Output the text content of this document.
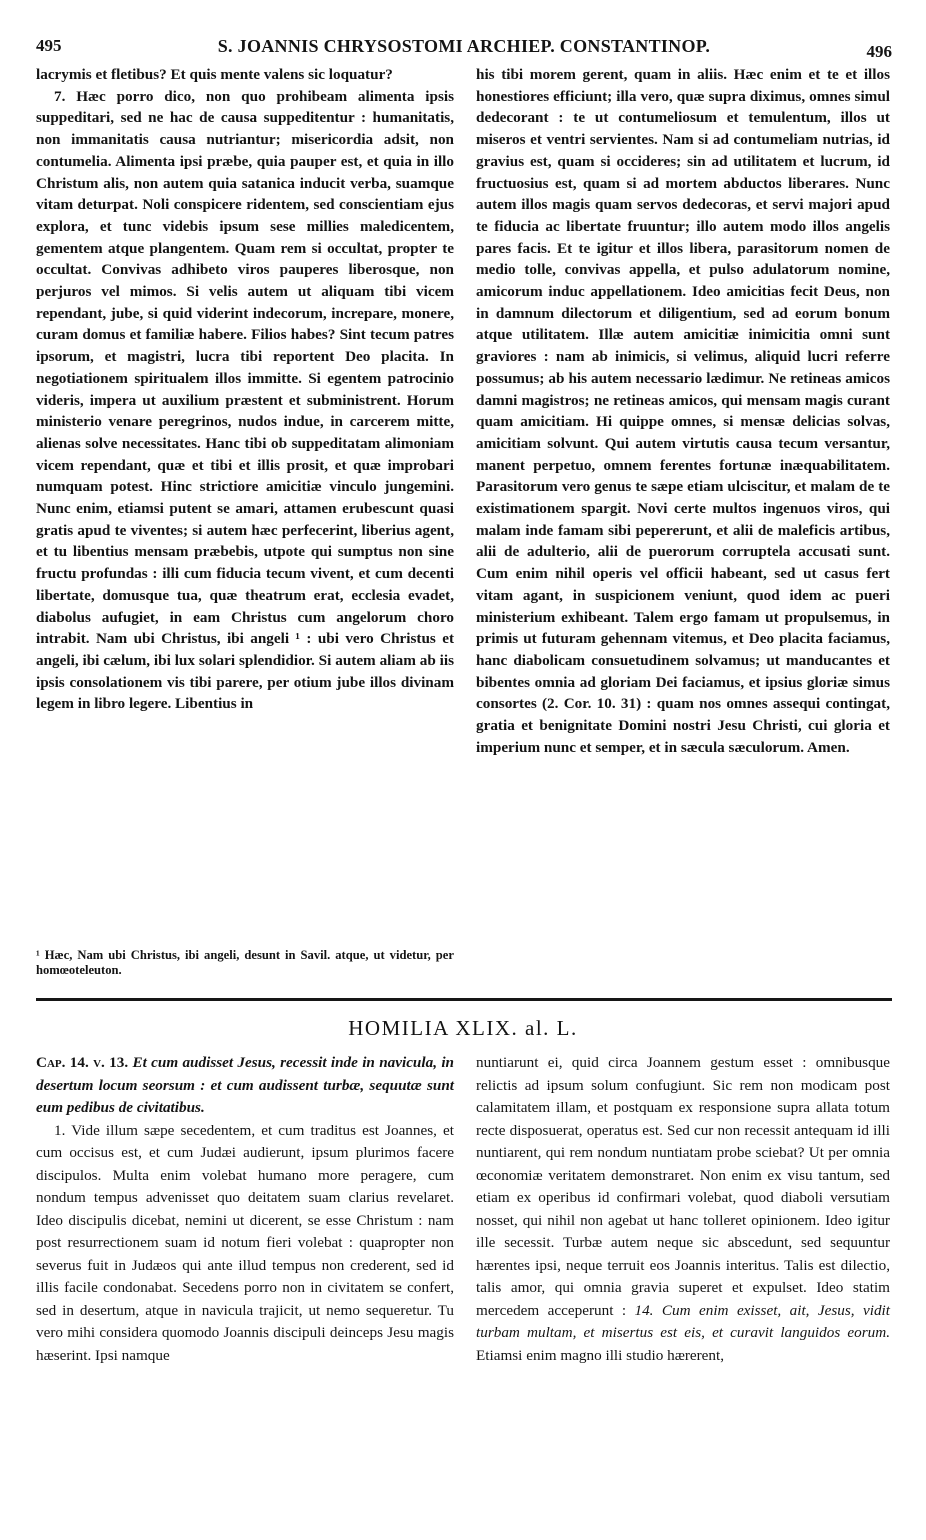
495	S. JOANNIS CHRYSOSTOMI ARCHIEP. CONSTANTINOP.	496

lacrymis et fletibus? Et quis mente valens sic loquatur?

7. Hæc porro dico, non quo prohibeam alimenta ipsis suppeditari, sed ne hac de causa suppeditentur : humanitatis, non immanitatis causa nutriantur; misericordia adsit, non contumelia. Alimenta ipsi præbe, quia pauper est, et quia in illo Christum alis, non autem quia satanica inducit verba, suamque vitam deturpat. Noli conspicere ridentem, sed conscientiam ejus explora, et tunc videbis ipsum sese millies maledicentem, gementem atque plangentem. Quam rem si occultat, propter te occultat. Convivas adhibeto viros pauperes liberosque, non perjuros vel mimos. Si velis autem ut aliquam tibi vicem rependant, jube, si quid viderint indecorum, increpare, monere, curam domus et familiæ habere. Filios habes? Sint tecum patres ipsorum, et magistri, lucra tibi reportent Deo placita. In negotiationem spiritualem illos immitte. Si egentem patrocinio videris, impera ut auxilium præstent et subministrent. Horum ministerio venare peregrinos, nudos indue, in carcerem mitte, alienas solve necessitates. Hanc tibi ob suppeditatam alimoniam vicem rependant, quæ et tibi et illis prosit, et quæ improbari numquam potest. Hinc strictiore amicitiæ vinculo jungemini. Nunc enim, etiamsi putent se amari, attamen erubescunt quasi gratis apud te viventes; si autem hæc perfecerint, liberius agent, et tu libentius mensam præbebis, utpote qui sumptus non sine fructu profundas : illi cum fiducia tecum vivent, et cum decenti libertate, domusque tua, quæ theatrum erat, ecclesia evadet, diabolus aufugiet, in eam Christus cum angelorum choro intrabit. Nam ubi Christus, ibi angeli ¹ : ubi vero Christus et angeli, ibi cælum, ibi lux solari splendidior. Si autem aliam ab iis ipsis consolationem vis tibi parere, per otium jube illos divinam legem in libro legere. Libentius in

¹ Hæc, Nam ubi Christus, ibi angeli, desunt in Savil. atque, ut videtur, per homœoteleuton.

his tibi morem gerent, quam in aliis. Hæc enim et te et illos honestiores efficiunt; illa vero, quæ supra diximus, omnes simul dedecorant : te ut contumeliosum et temulentum, illos ut miseros et ventri servientes. Nam si ad contumeliam nutrias, id gravius est, quam si occideres; sin ad utilitatem et lucrum, id fructuosius est, quam si ad mortem abductos liberares. Nunc autem illos magis quam servos dedecoras, et servi majori apud te fiducia ac libertate fruuntur; illo autem modo illos angelis pares facis. Et te igitur et illos libera, parasitorum nomen de medio tolle, convivas appella, et pulso adulatorum nomine, amicorum induc appellationem. Ideo amicitias fecit Deus, non in damnum dilectorum et diligentium, sed ad eorum bonum atque utilitatem. Illæ autem amicitiæ inimicitia omni sunt graviores : nam ab inimicis, si velimus, aliquid lucri referre possumus; ab his autem necessario lædimur. Ne retineas amicos damni magistros; ne retineas amicos, qui mensam magis curant quam amicitiam. Hi quippe omnes, si mensæ delicias solvas, amicitiam solvunt. Qui autem virtutis causa tecum versantur, manent perpetuo, omnem ferentes fortunæ inæquabilitatem. Parasitorum vero genus te sæpe etiam ulciscitur, et malam de te existimationem spargit. Novi certe multos ingenuos viros, qui malam inde famam sibi pepererunt, et alii de maleficis artibus, alii de adulterio, alii de puerorum corruptela accusati sunt. Cum enim nihil operis vel officii habeant, sed ut casus fert vitam agant, in suspicionem veniunt, quod idem ac pueri ministerium exhibeant. Talem ergo famam ut propulsemus, in primis ut futuram gehennam vitemus, et Deo placita faciamus, hanc diabolicam consuetudinem solvamus; ut manducantes et bibentes omnia ad gloriam Dei faciamus, et ipsius gloriæ simus consortes (2. Cor. 10. 31) : quam nos omnes assequi contingat, gratia et benignitate Domini nostri Jesu Christi, cui gloria et imperium nunc et semper, et in sæcula sæculorum. Amen.

HOMILIA XLIX. al. L.

Cap. 14. v. 13. Et cum audisset Jesus, recessit inde in navicula, in desertum locum seorsum : et cum audissent turbæ, sequutæ sunt eum pedibus de civitatibus.

1. Vide illum sæpe secedentem, et cum traditus est Joannes, et cum occisus est, et cum Judæi audierunt, ipsum plurimos facere discipulos. Multa enim volebat humano more peragere, cum nondum tempus advenisset quo deitatem suam clarius revelaret. Ideo discipulis dicebat, nemini ut dicerent, se esse Christum : nam post resurrectionem suam id notum fieri volebat : quapropter non severus fuit in Judæos qui ante illud tempus non crederent, sed id illis facile condonabat. Secedens porro non in civitatem se confert, sed in desertum, atque in navicula trajicit, ut nemo sequeretur. Tu vero mihi considera quomodo Joannis discipuli deinceps Jesu magis hæserint. Ipsi namque

nuntiarunt ei, quid circa Joannem gestum esset : omnibusque relictis ad ipsum solum confugiunt. Sic rem non modicam post calamitatem illam, et postquam ex responsione supra allata totum recte disposuerat, operatus est. Sed cur non recessit antequam id illi nuntiarent, qui rem nondum nuntiatam probe sciebat? Ut per omnia œconomiæ veritatem demonstraret. Non enim ex visu tantum, sed etiam ex operibus id confirmari volebat, quod diaboli versutiam nosset, qui nihil non agebat ut hanc tolleret opinionem. Ideo igitur ille secessit. Turbæ autem neque sic abscedunt, sed sequuntur hærentes ipsi, neque terruit eos Joannis interitus. Talis est dilectio, talis amor, qui omnia gravia superet et expulset. Ideo statim mercedem acceperunt : 14. Cum enim exisset, ait, Jesus, vidit turbam multam, et misertus est eis, et curavit languidos eorum. Etiamsi enim magno illi studio hærerent,
